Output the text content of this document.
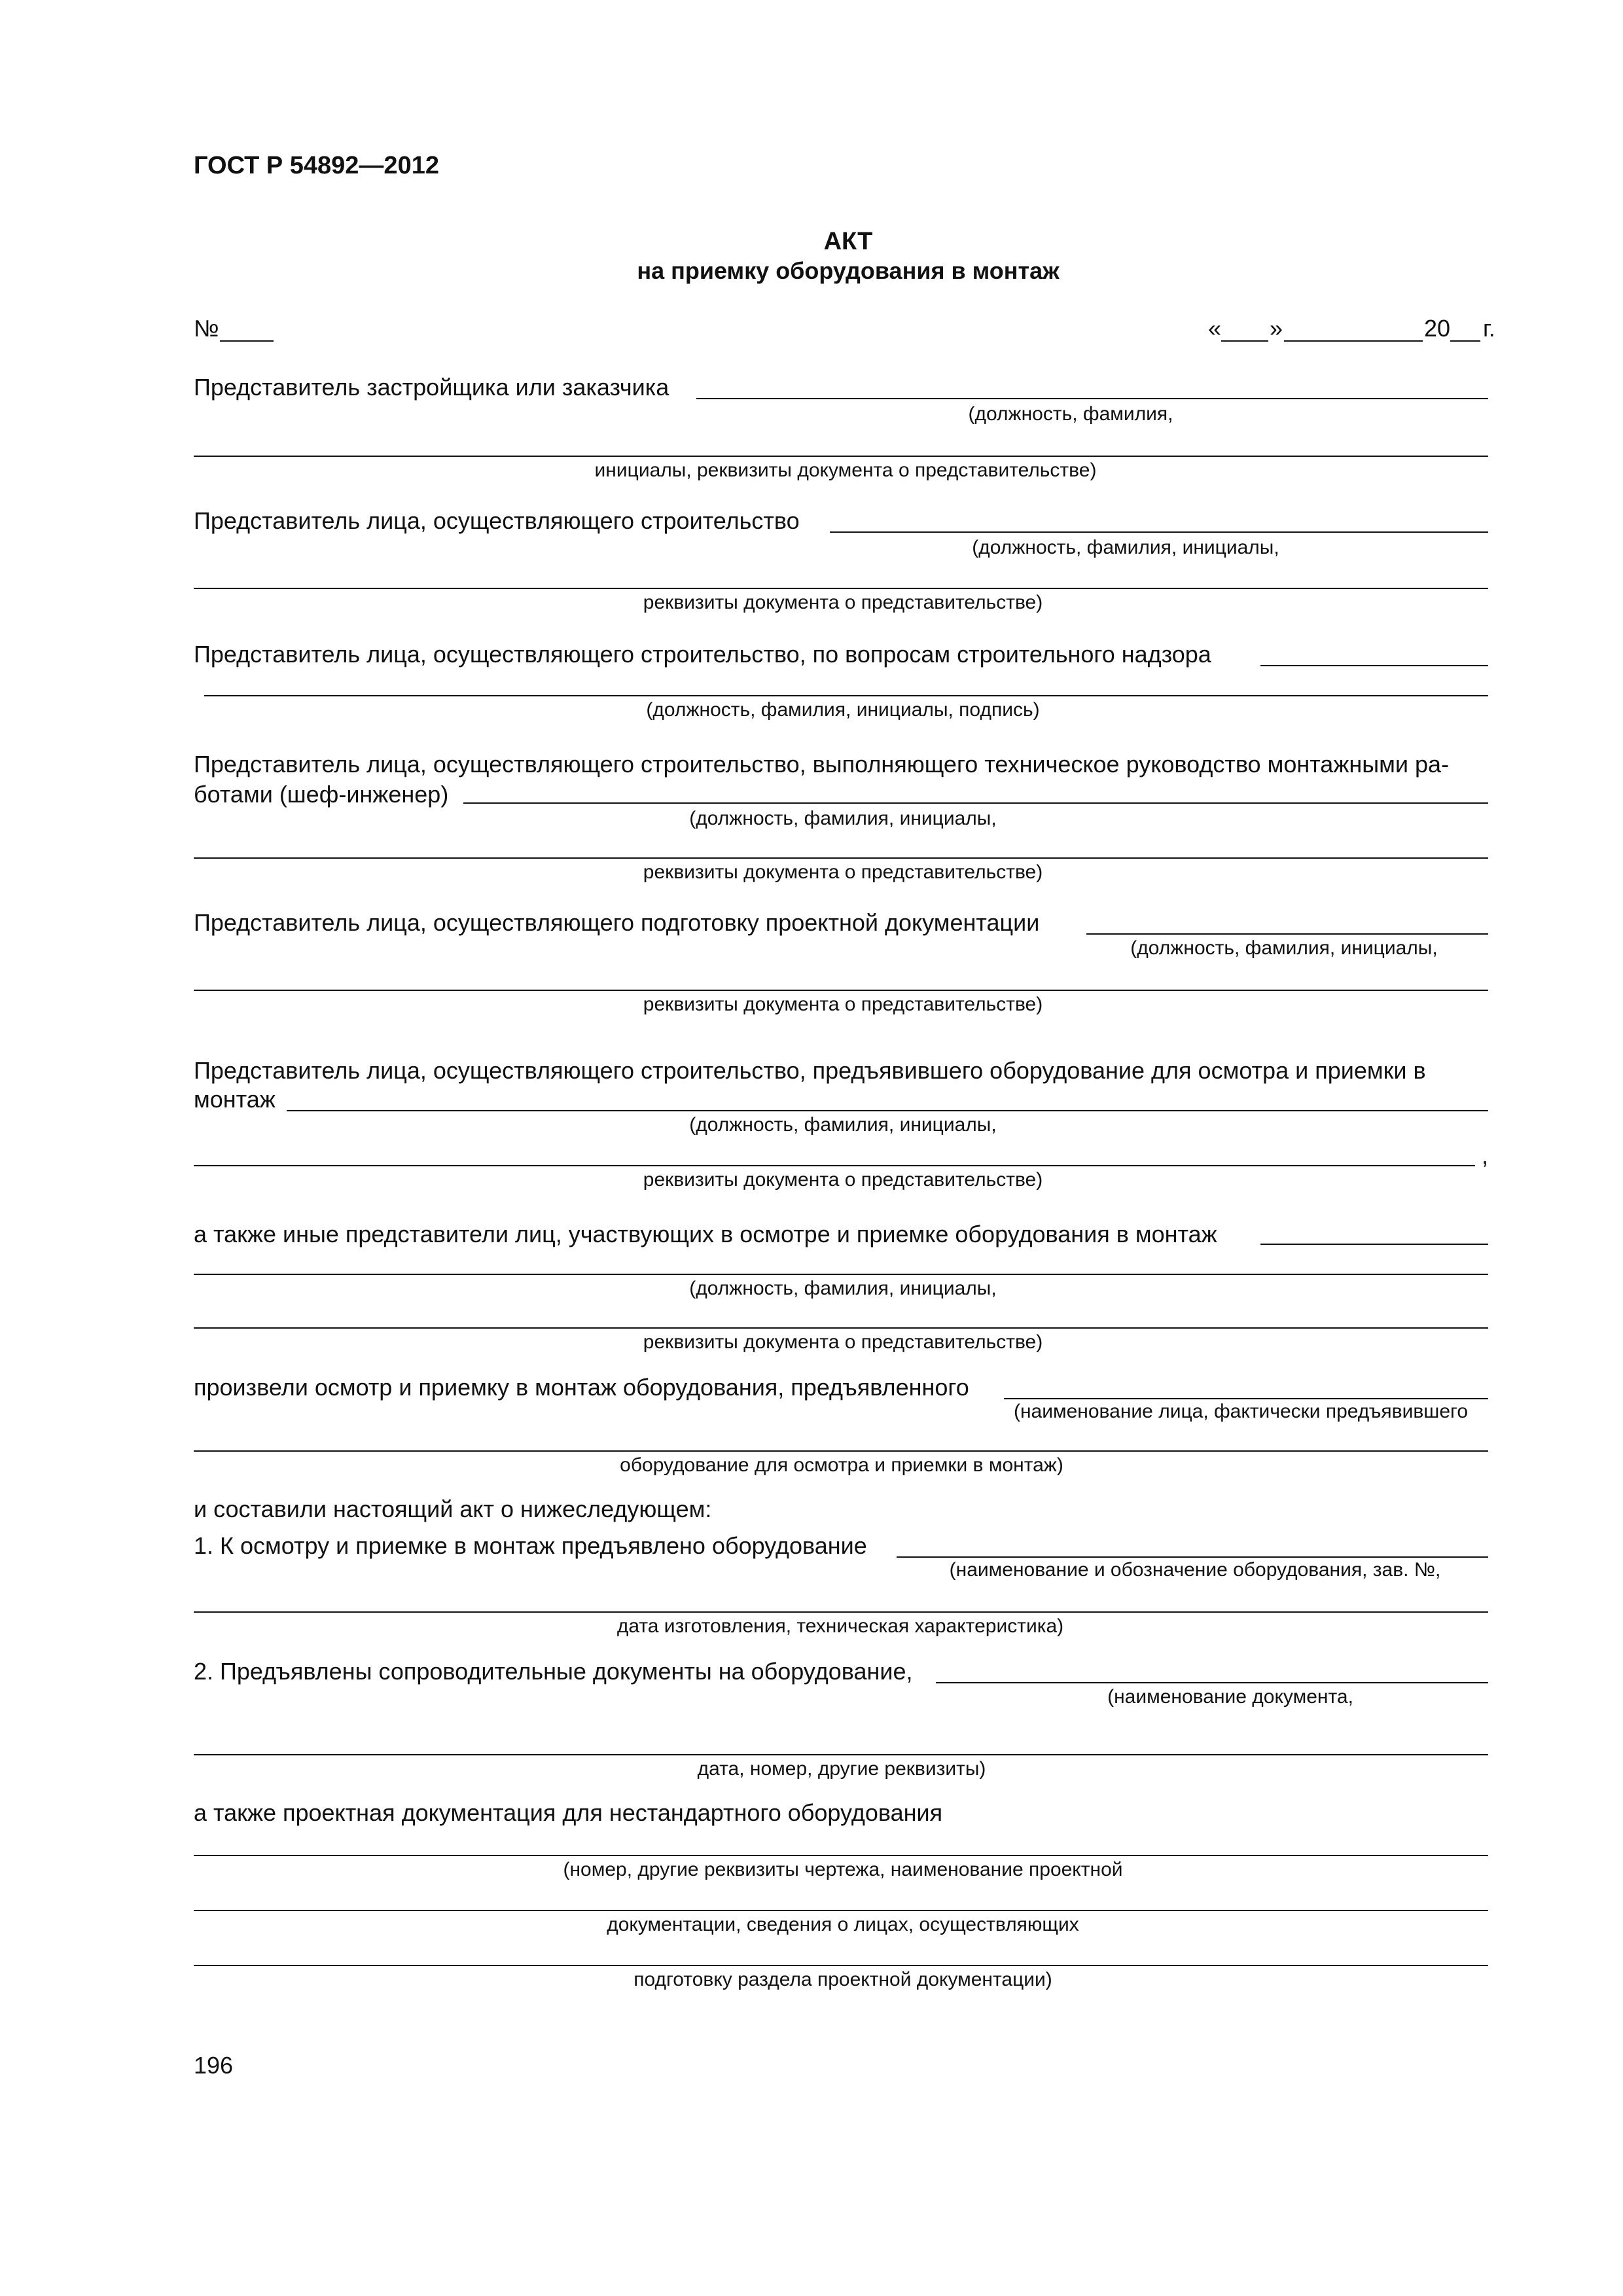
ГОСТ Р 54892—2012
АКТ
на приемку оборудования в монтаж
№	« »	20 г.
Представитель застройщика или заказчика
(должность, фамилия,
инициалы, реквизиты документа о представительстве)
Представитель лица, осуществляющего строительство
(должность, фамилия, инициалы,
реквизиты документа о представительстве)
Представитель лица, осуществляющего строительство, по вопросам строительного надзора
(должность, фамилия, инициалы, подпись)
Представитель лица, осуществляющего строительство, выполняющего техническое руководство монтажными ра-
ботами (шеф-инженер)
(должность, фамилия, инициалы,
реквизиты документа о представительстве)
Представитель лица, осуществляющего подготовку проектной документации
(должность, фамилия, инициалы,
реквизиты документа о представительстве)
Представитель лица, осуществляющего строительство, предъявившего оборудование для осмотра и приемки в
монтаж
(должность, фамилия, инициалы,
,
реквизиты документа о представительстве)
а также иные представители лиц, участвующих в осмотре и приемке оборудования в монтаж
(должность, фамилия, инициалы,
реквизиты документа о представительстве)
произвели осмотр и приемку в монтаж оборудования, предъявленного
(наименование лица, фактически предъявившего
оборудование для осмотра и приемки в монтаж)
и составили настоящий акт о нижеследующем:
1. К осмотру и приемке в монтаж предъявлено оборудование
(наименование и обозначение оборудования, зав. №,
дата изготовления, техническая характеристика)
2. Предъявлены сопроводительные документы на оборудование,
(наименование документа,
дата, номер, другие реквизиты)
а также проектная документация для нестандартного оборудования
(номер, другие реквизиты чертежа, наименование проектной
документации, сведения о лицах, осуществляющих
подготовку раздела проектной документации)
196
